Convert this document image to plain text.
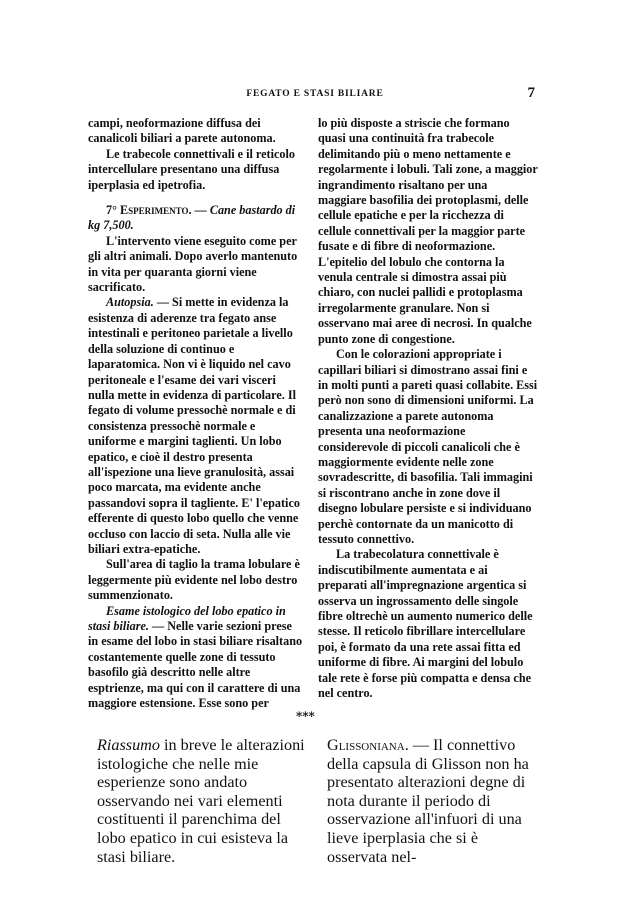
FEGATO E STASI BILIARE	7

campi, neoformazione diffusa dei canalicoli biliari a parete autonoma.

Le trabecole connettivali e il reticolo intercellulare presentano una diffusa iperplasia ed ipetrofia.

7° Esperimento. — Cane bastardo di kg 7,500.

L'intervento viene eseguito come per gli altri animali. Dopo averlo mantenuto in vita per quaranta giorni viene sacrificato.

Autopsia. — Si mette in evidenza la esistenza di aderenze tra fegato anse intestinali e peritoneo parietale a livello della soluzione di continuo e laparatomica. Non vi è liquido nel cavo peritoneale e l'esame dei vari visceri nulla mette in evidenza di particolare. Il fegato di volume pressochè normale e di consistenza pressochè normale e uniforme e margini taglienti. Un lobo epatico, e cioè il destro presenta all'ispezione una lieve granulosità, assai poco marcata, ma evidente anche passandovi sopra il tagliente. E' l'epatico efferente di questo lobo quello che venne occluso con laccio di seta. Nulla alle vie biliari extra-epatiche.

Sull'area di taglio la trama lobulare è leggermente più evidente nel lobo destro summenzionato.

Esame istologico del lobo epatico in stasi biliare. — Nelle varie sezioni prese in esame del lobo in stasi biliare risaltano costantemente quelle zone di tessuto basofilo già descritto nelle altre esptrienze, ma qui con il carattere di una maggiore estensione. Esse sono per

lo più disposte a striscie che formano quasi una continuità fra trabecole delimitando più o meno nettamente e regolarmente i lobuli. Tali zone, a maggior ingrandimento risaltano per una maggiare basofilia dei protoplasmi, delle cellule epatiche e per la ricchezza di cellule connettivali per la maggior parte fusate e di fibre di neoformazione. L'epitelio del lobulo che contorna la venula centrale si dimostra assai più chiaro, con nuclei pallidi e protoplasma irregolarmente granulare. Non si osservano mai aree di necrosi. In qualche punto zone di congestione.

Con le colorazioni appropriate i capillari biliari si dimostrano assai fini e in molti punti a pareti quasi collabite. Essi però non sono di dimensioni uniformi. La canalizzazione a parete autonoma presenta una neoformazione considerevole di piccoli canalicoli che è maggiormente evidente nelle zone sovradescritte, di basofilia. Tali immagini si riscontrano anche in zone dove il disegno lobulare persiste e si individuano perchè contornate da un manicotto di tessuto connettivo.

La trabecolatura connettivale è indiscutibilmente aumentata e ai preparati all'impregnazione argentica si osserva un ingrossamento delle singole fibre oltrechè un aumento numerico delle stesse. Il reticolo fibrillare intercellulare poi, è formato da una rete assai fitta ed uniforme di fibre. Ai margini del lobulo tale rete è forse più compatta e densa che nel centro.

⁎⁎⁎

Riassumo in breve le alterazioni istologiche che nelle mie esperienze sono andato osservando nei vari elementi costituenti il parenchima del lobo epatico in cui esisteva la stasi biliare.

Glissoniana. — Il connettivo della capsula di Glisson non ha presentato alterazioni degne di nota durante il periodo di osservazione all'infuori di una lieve iperplasia che si è osservata nel-
